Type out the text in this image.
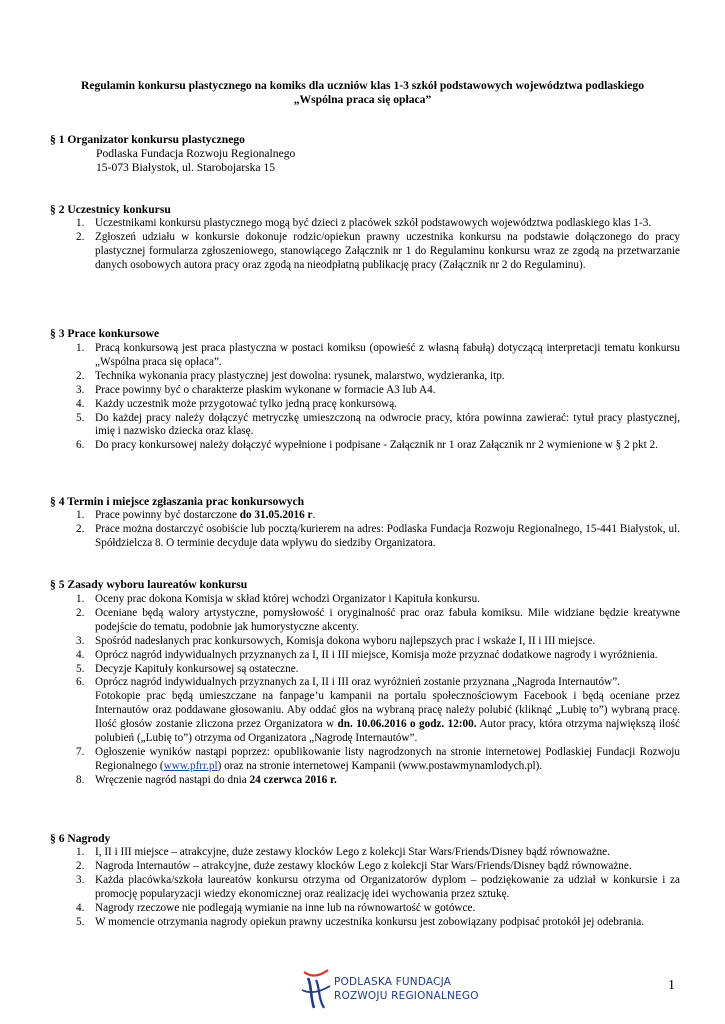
Regulamin konkursu plastycznego na komiks dla uczniów klas 1-3 szkół podstawowych województwa podlaskiego
„Wspólna praca się opłaca”
§ 1 Organizator konkursu plastycznego
Podlaska Fundacja Rozwoju Regionalnego
15-073 Białystok, ul. Starobojarska 15
§ 2 Uczestnicy konkursu
1. Uczestnikami konkursu plastycznego mogą być dzieci z placówek szkół podstawowych województwa podlaskiego klas 1-3.
2. Zgłoszeń udziału w konkursie dokonuje rodzic/opiekun prawny uczestnika konkursu na podstawie dołączonego do pracy plastycznej formularza zgłoszeniowego, stanowiącego Załącznik nr 1 do Regulaminu konkursu wraz ze zgodą na przetwarzanie danych osobowych autora pracy oraz zgodą na nieodpłatną publikację pracy (Załącznik nr 2 do Regulaminu).
§ 3 Prace konkursowe
1. Pracą konkursową jest praca plastyczna w postaci komiksu (opowieść z własną fabułą) dotyczącą interpretacji tematu konkursu „Wspólna praca się opłaca”.
2. Technika wykonania pracy plastycznej jest dowolna: rysunek, malarstwo, wydzieranka, itp.
3. Prace powinny być o charakterze płaskim wykonane w formacie A3 lub A4.
4. Każdy uczestnik może przygotować tylko jedną pracę konkursową.
5. Do każdej pracy należy dołączyć metryczkę umieszczoną na odwrocie pracy, która powinna zawierać: tytuł pracy plastycznej, imię i nazwisko dziecka oraz klasę.
6. Do pracy konkursowej należy dołączyć wypełnione i podpisane - Załącznik nr 1 oraz Załącznik nr 2 wymienione w § 2 pkt 2.
§ 4 Termin i miejsce zgłaszania prac konkursowych
1. Prace powinny być dostarczone do 31.05.2016 r.
2. Prace można dostarczyć osobiście lub pocztą/kurierem na adres: Podlaska Fundacja Rozwoju Regionalnego, 15-441 Białystok, ul. Spółdzielcza 8. O terminie decyduje data wpływu do siedziby Organizatora.
§ 5 Zasady wyboru laureatów konkursu
1. Oceny prac dokona Komisja w skład której wchodzi Organizator i Kapituła konkursu.
2. Oceniane będą walory artystyczne, pomysłowość i oryginalność prac oraz fabuła komiksu. Mile widziane będzie kreatywne podejście do tematu, podobnie jak humorystyczne akcenty.
3. Spośród nadesłanych prac konkursowych, Komisja dokona wyboru najlepszych prac i wskaże I, II i III miejsce.
4. Oprócz nagród indywidualnych przyznanych za I, II i III miejsce, Komisja może przyznać dodatkowe nagrody i wyróżnienia.
5. Decyzje Kapituły konkursowej są ostateczne.
6. Oprócz nagród indywidualnych przyznanych za I, II i III oraz wyróżnień zostanie przyznana „Nagroda Internautów”.
Fotokopie prac będą umieszczane na fanpage’u kampanii na portalu społecznościowym Facebook i będą oceniane przez Internautów oraz poddawane głosowaniu. Aby oddać głos na wybraną pracę należy polubić (kliknąć „Lubię to”) wybraną pracę. Ilość głosów zostanie zliczona przez Organizatora w dn. 10.06.2016 o godz. 12:00. Autor pracy, która otrzyma największą ilość polubień („Lubię to”) otrzyma od Organizatora „Nagrodę Internautów”.
7. Ogłoszenie wyników nastąpi poprzez: opublikowanie listy nagrodzonych na stronie internetowej Podlaskiej Fundacji Rozwoju Regionalnego (www.pfrr.pl) oraz na stronie internetowej Kampanii (www.postawmynamlodych.pl).
8. Wręczenie nagród nastąpi do dnia 24 czerwca 2016 r.
§ 6 Nagrody
1. I, II i III miejsce – atrakcyjne, duże zestawy klocków Lego z kolekcji Star Wars/Friends/Disney bądź równoważne.
2. Nagroda Internautów – atrakcyjne, duże zestawy klocków Lego z kolekcji Star Wars/Friends/Disney bądź równoważne.
3. Każda placówka/szkoła laureatów konkursu otrzyma od Organizatorów dyplom – podziękowanie za udział w konkursie i za promocję popularyzacji wiedzy ekonomicznej oraz realizację idei wychowania przez sztukę.
4. Nagrody rzeczowe nie podlegają wymianie na inne lub na równowartość w gotówce.
5. W momencie otrzymania nagrody opiekun prawny uczestnika konkursu jest zobowiązany podpisać protokół jej odebrania.
PODLASKA FUNDACJA
ROZWOJU REGIONALNEGO
1
